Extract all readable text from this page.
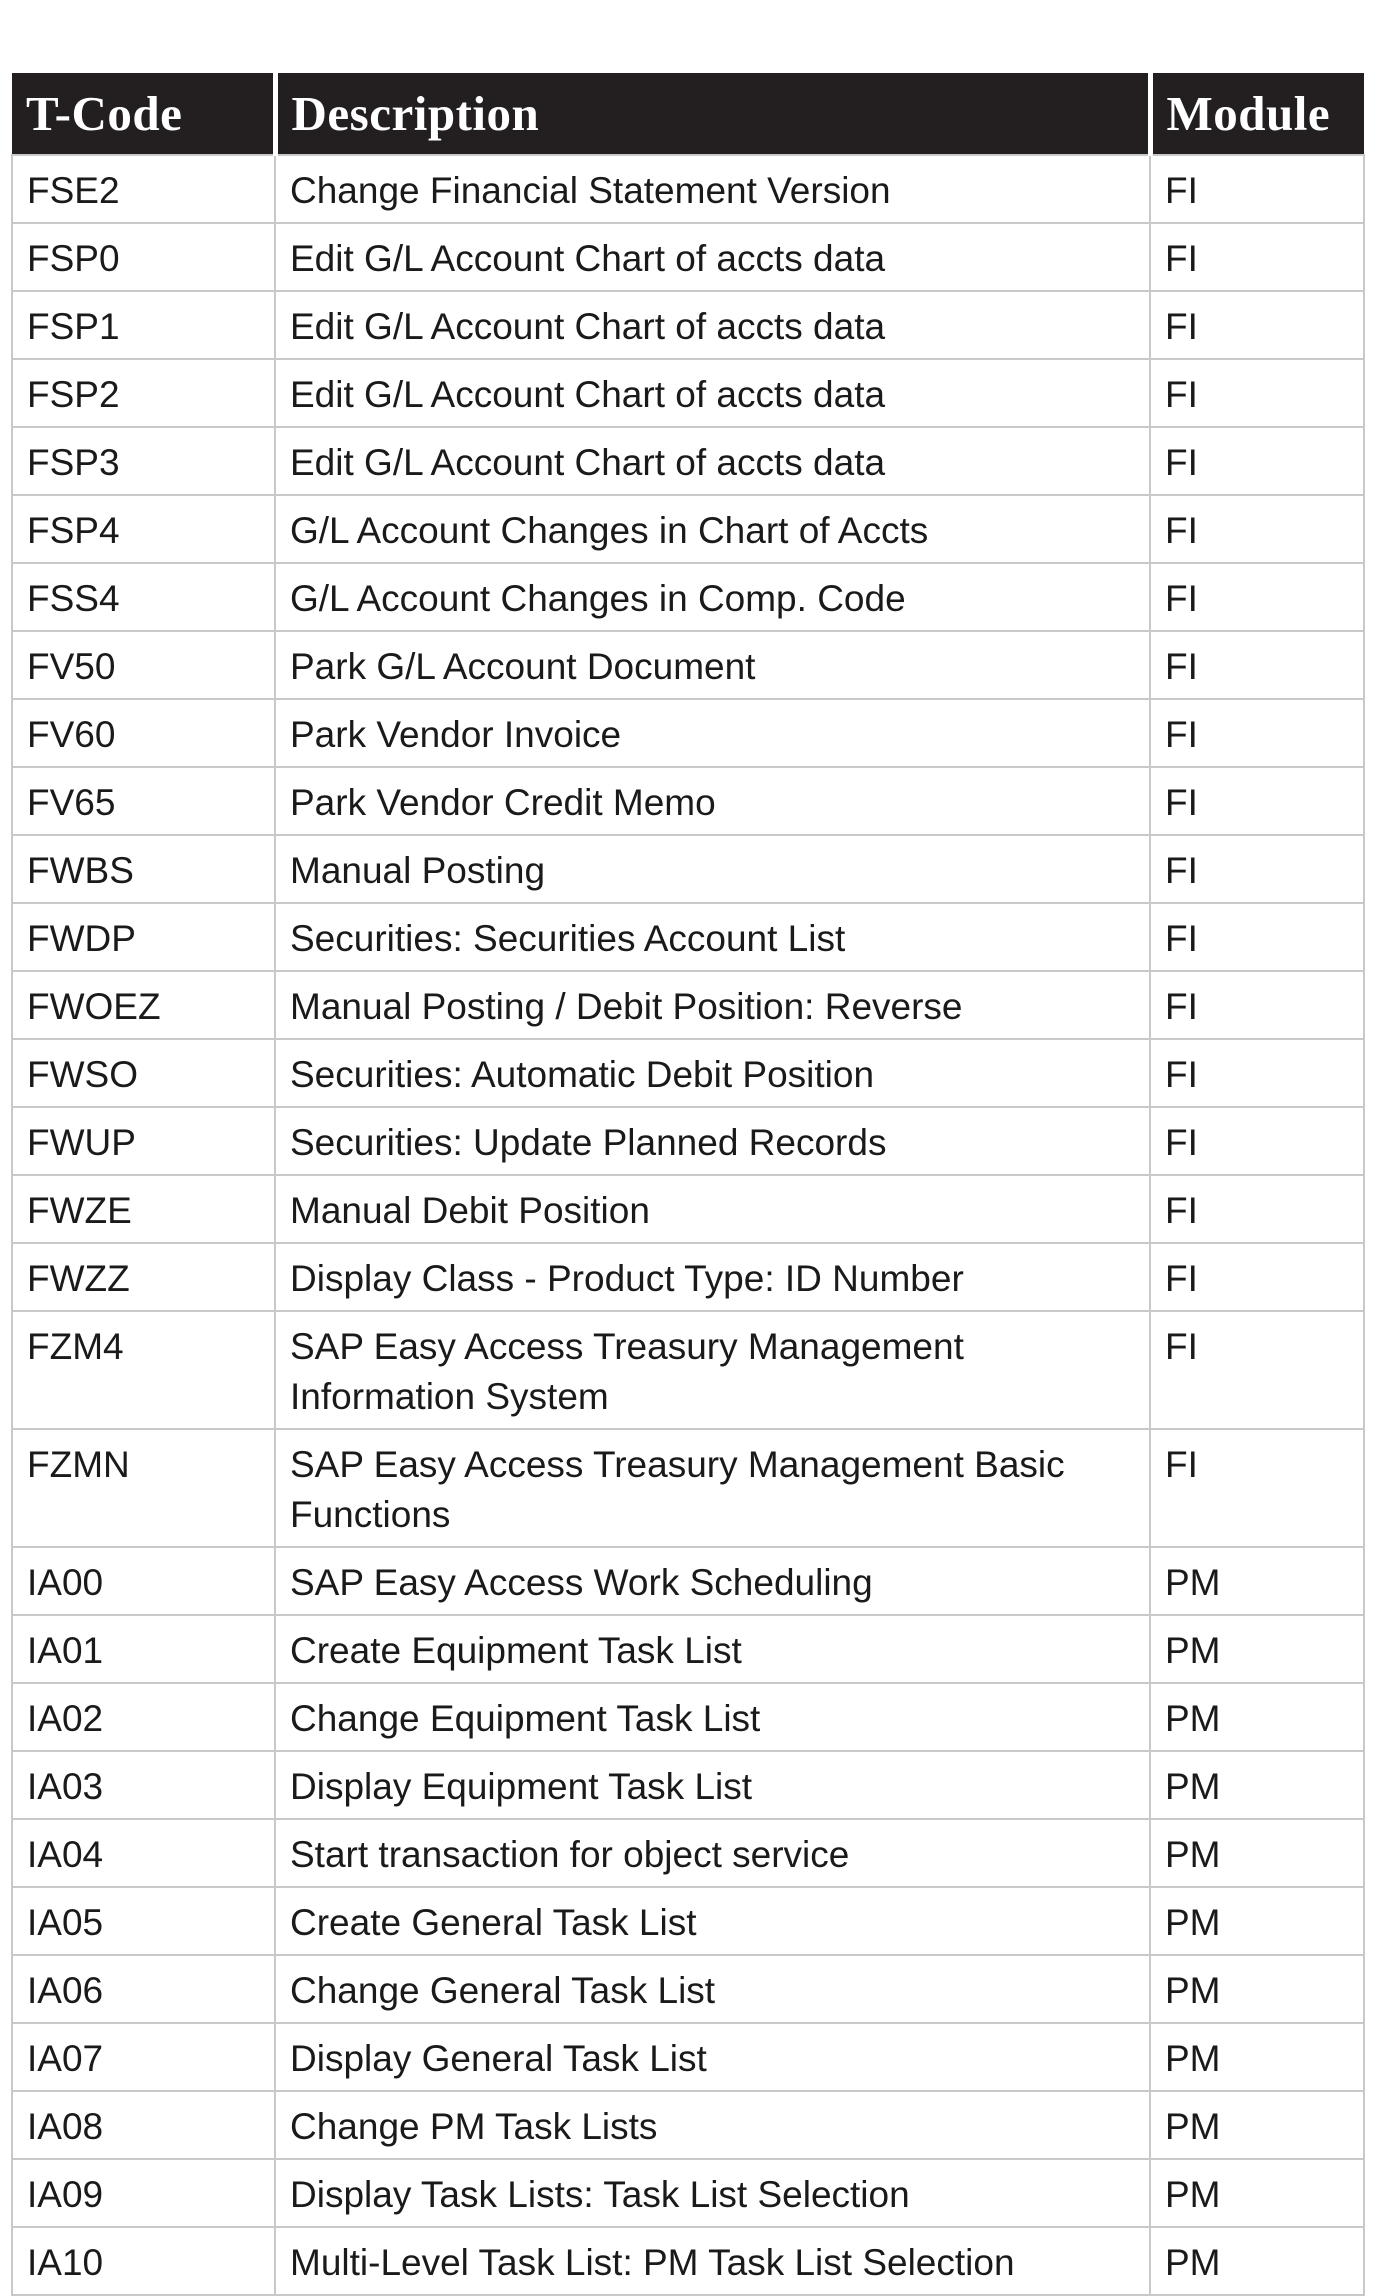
T-Code	Description	Module
FSE2	Change Financial Statement Version	FI
FSP0	Edit G/L Account Chart of accts data	FI
FSP1	Edit G/L Account Chart of accts data	FI
FSP2	Edit G/L Account Chart of accts data	FI
FSP3	Edit G/L Account Chart of accts data	FI
FSP4	G/L Account Changes in Chart of Accts	FI
FSS4	G/L Account Changes in Comp. Code	FI
FV50	Park G/L Account Document	FI
FV60	Park Vendor Invoice	FI
FV65	Park Vendor Credit Memo	FI
FWBS	Manual Posting	FI
FWDP	Securities: Securities Account List	FI
FWOEZ	Manual Posting / Debit Position: Reverse	FI
FWSO	Securities: Automatic Debit Position	FI
FWUP	Securities: Update Planned Records	FI
FWZE	Manual Debit Position	FI
FWZZ	Display Class - Product Type: ID Number	FI
FZM4	SAP Easy Access Treasury Management Information System	FI
FZMN	SAP Easy Access Treasury Management Basic Functions	FI
IA00	SAP Easy Access Work Scheduling	PM
IA01	Create Equipment Task List	PM
IA02	Change Equipment Task List	PM
IA03	Display Equipment Task List	PM
IA04	Start transaction for object service	PM
IA05	Create General Task List	PM
IA06	Change General Task List	PM
IA07	Display General Task List	PM
IA08	Change PM Task Lists	PM
IA09	Display Task Lists: Task List Selection	PM
IA10	Multi-Level Task List: PM Task List Selection	PM
